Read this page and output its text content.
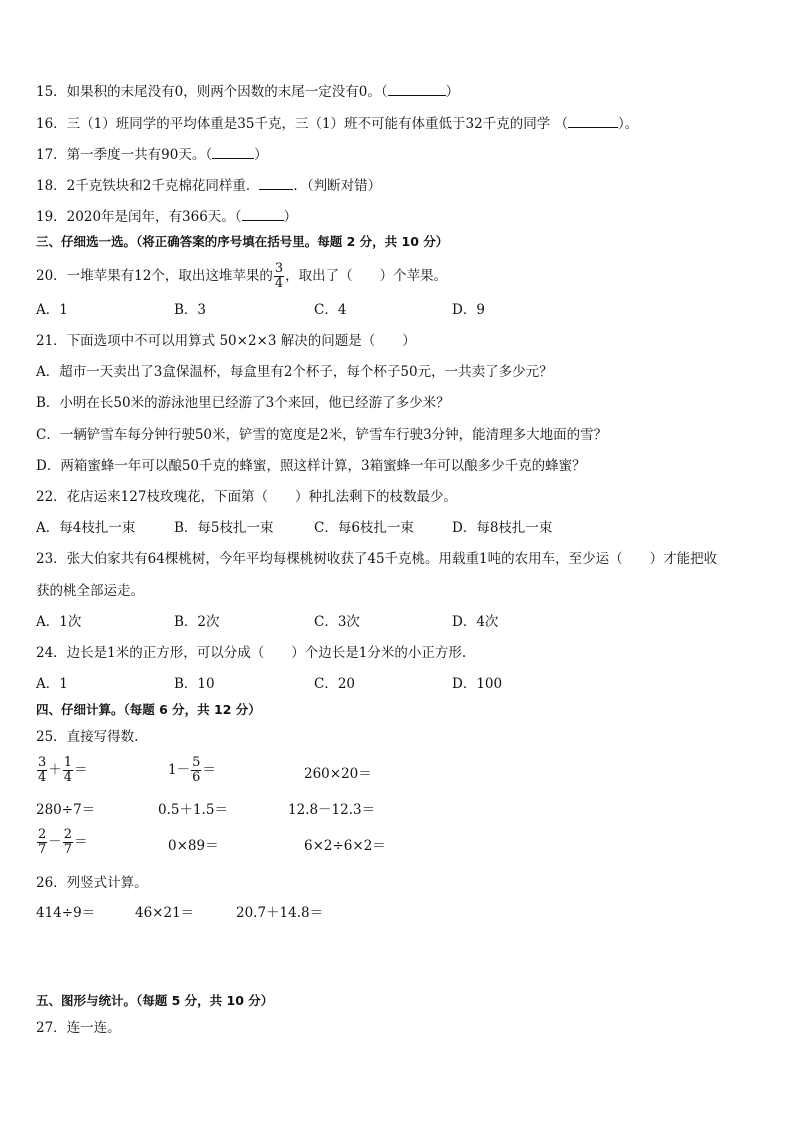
15．如果积的末尾没有0，则两个因数的末尾一定没有0。（	）
16．三（1）班同学的平均体重是35千克，三（1）班不可能有体重低于32千克的同学 （	）。
17．第一季度一共有90天。（	）
18．2千克铁块和2千克棉花同样重．	．（判断对错）
19．2020年是闰年，有366天。（	）
三、仔细选一选。（将正确答案的序号填在括号里。每题 2 分，共 10 分）
20．一堆苹果有12个，取出这堆苹果的 $\frac{3}{4}$ ，取出了（　　）个苹果。
A．1	B．3	C．4	D．9
21．下面选项中不可以用算式 50×2×3 解决的问题是（　　）
A．超市一天卖出了3盒保温杯，每盒里有2个杯子，每个杯子50元，一共卖了多少元？
B．小明在长50米的游泳池里已经游了3个来回，他已经游了多少米？
C．一辆铲雪车每分钟行驶50米，铲雪的宽度是2米，铲雪车行驶3分钟，能清理多大地面的雪？
D．两箱蜜蜂一年可以酿50千克的蜂蜜，照这样计算，3箱蜜蜂一年可以酿多少千克的蜂蜜？
22．花店运来127枝玫瑰花，下面第（　　）种扎法剩下的枝数最少。
A．每4枝扎一束	B．每5枝扎一束	C．每6枝扎一束	D．每8枝扎一束
23．张大伯家共有64棵桃树，今年平均每棵桃树收获了45千克桃。用载重1吨的农用车，至少运（　　）才能把收
获的桃全部运走。
A．1次	B．2次	C．3次	D．4次
24．边长是1米的正方形，可以分成（　　）个边长是1分米的小正方形.
A．1	B．10	C．20	D．100
四、仔细计算。（每题 6 分，共 12 分）
25．直接写得数.
$\frac{3}{4} + \frac{1}{4}$ ＝	$1- \frac{5}{6}$ ＝	260×20＝
280÷7＝	0.5＋1.5＝	12.8－12.3＝
$\frac{2}{7} - \frac{2}{7}$ ＝	0×89＝	6×2÷6×2＝
26．列竖式计算。
414÷9＝	46×21＝	20.7＋14.8＝
五、图形与统计。（每题 5 分，共 10 分）
27．连一连。
